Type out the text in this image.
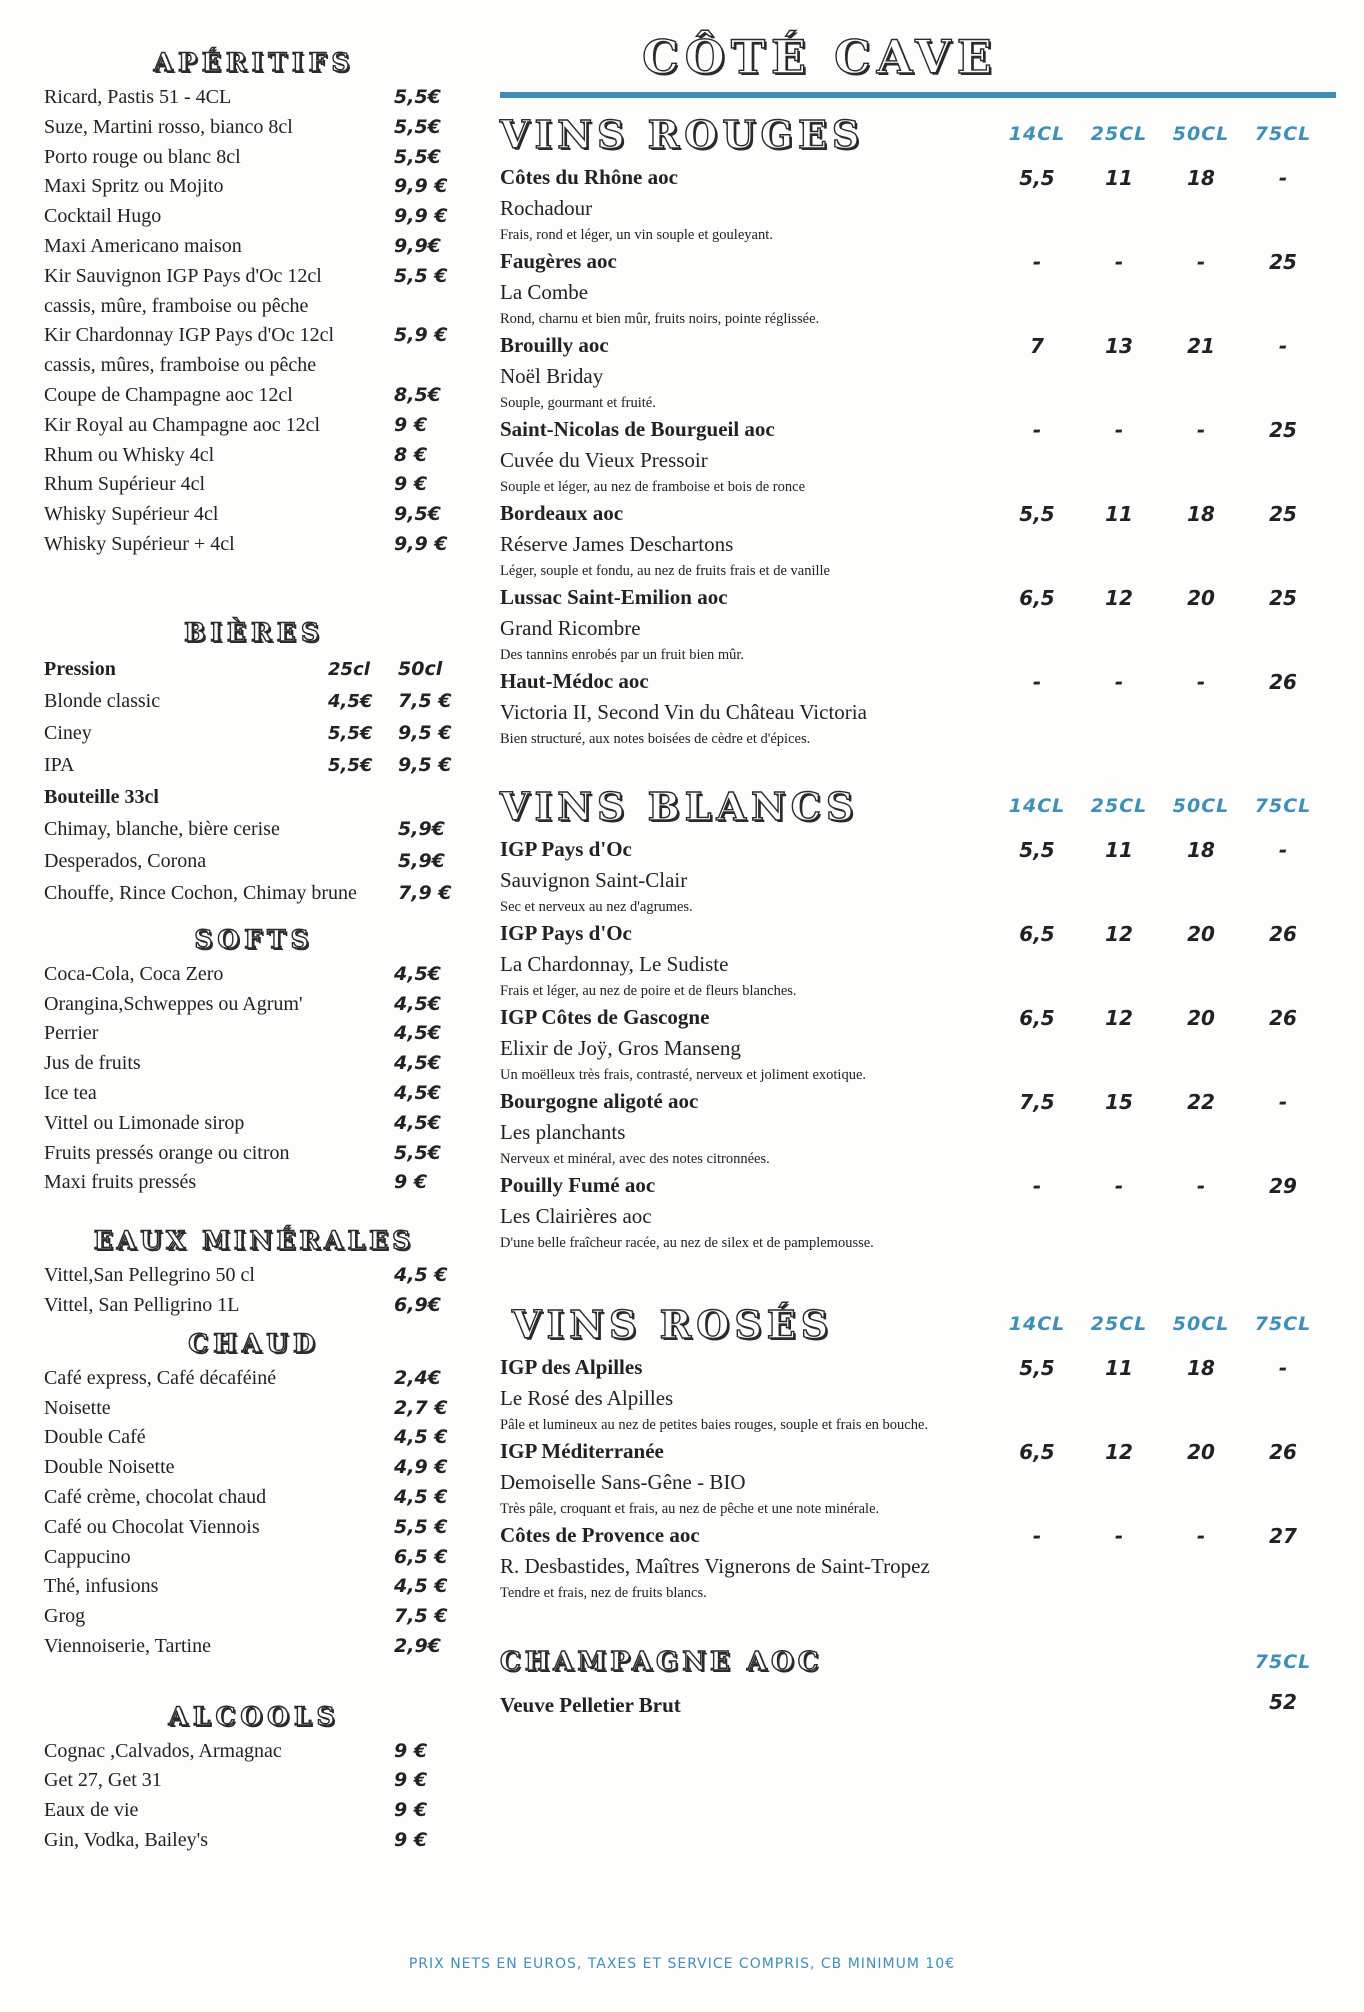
APÉRITIFS
Ricard, Pastis 51 - 4CL	5,5€
Suze, Martini rosso, bianco 8cl	5,5€
Porto rouge ou blanc 8cl	5,5€
Maxi Spritz ou Mojito	9,9 €
Cocktail Hugo	9,9 €
Maxi Americano maison	9,9€
Kir Sauvignon IGP Pays d'Oc 12cl	5,5 €
cassis, mûre, framboise ou pêche
Kir Chardonnay IGP Pays d'Oc 12cl	5,9 €
cassis, mûres, framboise ou pêche
Coupe de Champagne aoc 12cl	8,5€
Kir Royal au Champagne aoc 12cl	9 €
Rhum ou Whisky 4cl	8 €
Rhum Supérieur 4cl	9 €
Whisky Supérieur 4cl	9,5€
Whisky Supérieur + 4cl	9,9 €
BIÈRES
Pression	25cl	50cl
Blonde classic	4,5€	7,5 €
Ciney	5,5€	9,5 €
IPA	5,5€	9,5 €
Bouteille 33cl
Chimay, blanche, bière cerise	5,9€
Desperados, Corona	5,9€
Chouffe, Rince Cochon, Chimay brune	7,9 €
SOFTS
Coca-Cola, Coca Zero	4,5€
Orangina,Schweppes ou Agrum'	4,5€
Perrier	4,5€
Jus de fruits	4,5€
Ice tea	4,5€
Vittel ou Limonade sirop	4,5€
Fruits pressés orange ou citron	5,5€
Maxi fruits pressés	9 €
EAUX MINÉRALES
Vittel,San Pellegrino 50 cl	4,5 €
Vittel, San Pelligrino 1L	6,9€
CHAUD
Café express, Café décaféiné	2,4€
Noisette	2,7 €
Double Café	4,5 €
Double Noisette	4,9 €
Café crème, chocolat chaud	4,5 €
Café ou Chocolat Viennois	5,5 €
Cappucino	6,5 €
Thé, infusions	4,5 €
Grog	7,5 €
Viennoiserie, Tartine	2,9€
ALCOOLS
Cognac ,Calvados, Armagnac	9 €
Get 27, Get 31	9 €
Eaux de vie	9 €
Gin, Vodka, Bailey's	9 €
CÔTÉ CAVE
VINS ROUGES	14CL	25CL	50CL	75CL
Côtes du Rhône aoc
Rochadour
Frais, rond et léger, un vin souple et gouleyant.
5,5	11	18	-
Faugères aoc
La Combe
Rond, charnu et bien mûr, fruits noirs, pointe réglissée.
-	-	-	25
Brouilly aoc
Noël Briday
Souple, gourmant et fruité.
7	13	21	-
Saint-Nicolas de Bourgueil aoc
Cuvée du Vieux Pressoir
Souple et léger, au nez de framboise et bois de ronce
-	-	-	25
Bordeaux aoc
Réserve James Deschartons
Léger, souple et fondu, au nez de fruits frais et de vanille
5,5	11	18	25
Lussac Saint-Emilion aoc
Grand Ricombre
Des tannins enrobés par un fruit bien mûr.
6,5	12	20	25
Haut-Médoc aoc
Victoria II, Second Vin du Château Victoria
Bien structuré, aux notes boisées de cèdre et d'épices.
-	-	-	26
VINS BLANCS	14CL	25CL	50CL	75CL
IGP Pays d'Oc
Sauvignon Saint-Clair
Sec et nerveux au nez d'agrumes.
5,5	11	18	-
IGP Pays d'Oc
La Chardonnay, Le Sudiste
Frais et léger, au nez de poire et de fleurs blanches.
6,5	12	20	26
IGP Côtes de Gascogne
Elixir de Joÿ, Gros Manseng
Un moëlleux très frais, contrasté, nerveux et joliment exotique.
6,5	12	20	26
Bourgogne aligoté aoc
Les planchants
Nerveux et minéral, avec des notes citronnées.
7,5	15	22	-
Pouilly Fumé aoc
Les Clairières aoc
D'une belle fraîcheur racée, au nez de silex et de pamplemousse.
-	-	-	29
VINS ROSÉS	14CL	25CL	50CL	75CL
IGP des Alpilles
Le Rosé des Alpilles
Pâle et lumineux au nez de petites baies rouges, souple et frais en bouche.
5,5	11	18	-
IGP Méditerranée
Demoiselle Sans-Gêne - BIO
Très pâle, croquant et frais, au nez de pêche et une note minérale.
6,5	12	20	26
Côtes de Provence aoc
R. Desbastides, Maîtres Vignerons de Saint-Tropez
Tendre et frais, nez de fruits blancs.
-	-	-	27
CHAMPAGNE AOC	75CL
Veuve Pelletier Brut	52
PRIX NETS EN EUROS, TAXES ET SERVICE COMPRIS, CB MINIMUM 10€
